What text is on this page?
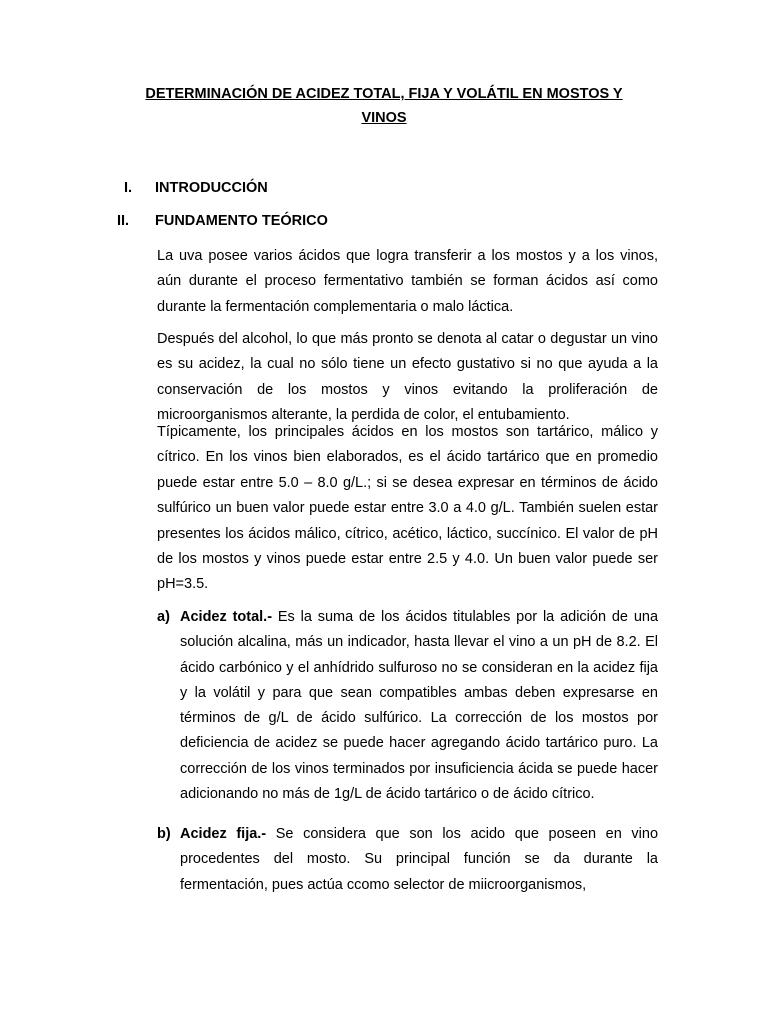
DETERMINACIÓN DE ACIDEZ TOTAL, FIJA Y VOLÁTIL EN MOSTOS Y

VINOS

I. INTRODUCCIÓN
II. FUNDAMENTO TEÓRICO

La uva posee varios ácidos que logra transferir a los mostos y a los vinos, aún durante el proceso fermentativo también se forman ácidos así como durante la fermentación complementaria o malo láctica.

Después del alcohol, lo que más pronto se denota al catar o degustar un vino es su acidez, la cual no sólo tiene un efecto gustativo si no que ayuda a la conservación de los mostos y vinos evitando la proliferación de microorganismos alterante, la perdida de color, el entubamiento.

Típicamente, los principales ácidos en los mostos son tartárico, málico y cítrico. En los vinos bien elaborados, es el ácido tartárico que en promedio puede estar entre 5.0 – 8.0 g/L.; si se desea expresar en términos de ácido sulfúrico un buen valor puede estar entre 3.0 a 4.0 g/L. También suelen estar presentes los ácidos málico, cítrico, acético, láctico, succínico. El valor de pH de los mostos y vinos puede estar entre 2.5 y 4.0. Un buen valor puede ser pH=3.5.

a) Acidez total.- Es la suma de los ácidos titulables por la adición de una solución alcalina, más un indicador, hasta llevar el vino a un pH de 8.2. El ácido carbónico y el anhídrido sulfuroso no se consideran en la acidez fija y la volátil y para que sean compatibles ambas deben expresarse en términos de g/L de ácido sulfúrico. La corrección de los mostos por deficiencia de acidez se puede hacer agregando ácido tartárico puro. La corrección de los vinos terminados por insuficiencia ácida se puede hacer adicionando no más de 1g/L de ácido tartárico o de ácido cítrico.

b) Acidez fija.- Se considera que son los acido que poseen en vino procedentes del mosto. Su principal función se da durante la fermentación, pues actúa ccomo selector de miicroorganismos,
